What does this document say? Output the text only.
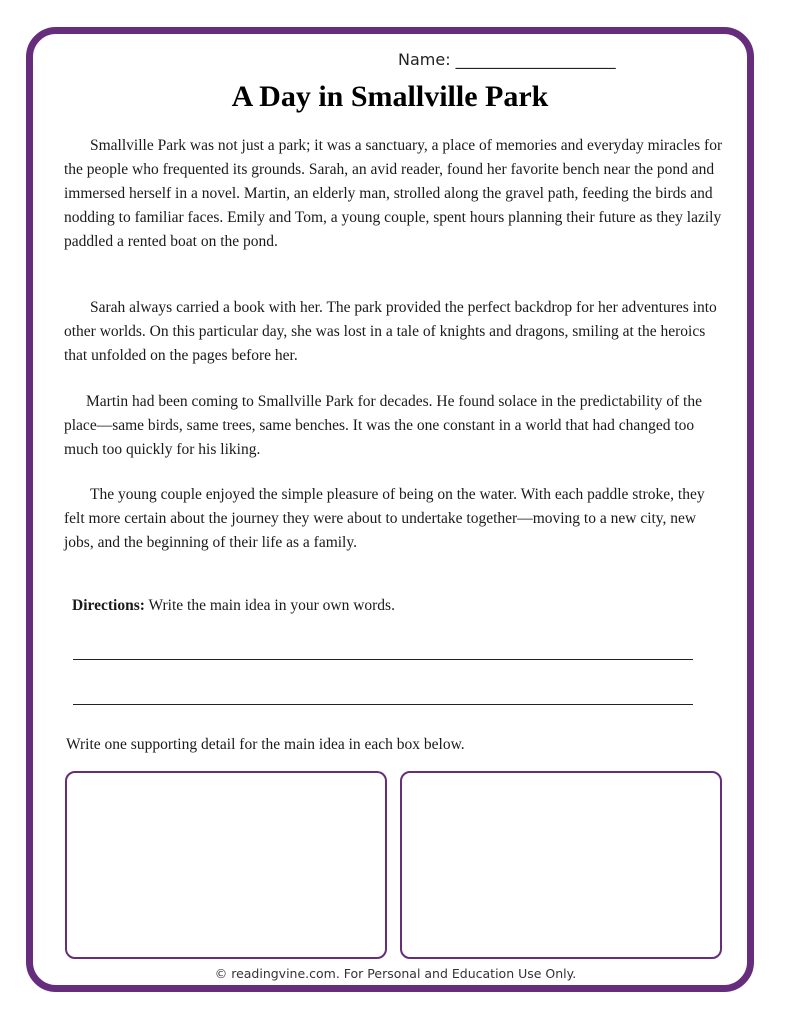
Name: ____________________
A Day in Smallville Park

Smallville Park was not just a park; it was a sanctuary, a place of memories and everyday miracles for the people who frequented its grounds. Sarah, an avid reader, found her favorite bench near the pond and immersed herself in a novel. Martin, an elderly man, strolled along the gravel path, feeding the birds and nodding to familiar faces. Emily and Tom, a young couple, spent hours planning their future as they lazily paddled a rented boat on the pond.

Sarah always carried a book with her. The park provided the perfect backdrop for her adventures into other worlds. On this particular day, she was lost in a tale of knights and dragons, smiling at the heroics that unfolded on the pages before her.

Martin had been coming to Smallville Park for decades. He found solace in the predictability of the place—same birds, same trees, same benches. It was the one constant in a world that had changed too much too quickly for his liking.

The young couple enjoyed the simple pleasure of being on the water. With each paddle stroke, they felt more certain about the journey they were about to undertake together—moving to a new city, new jobs, and the beginning of their life as a family.

Directions: Write the main idea in your own words.
Write one supporting detail for the main idea in each box below.
© readingvine.com. For Personal and Education Use Only.
